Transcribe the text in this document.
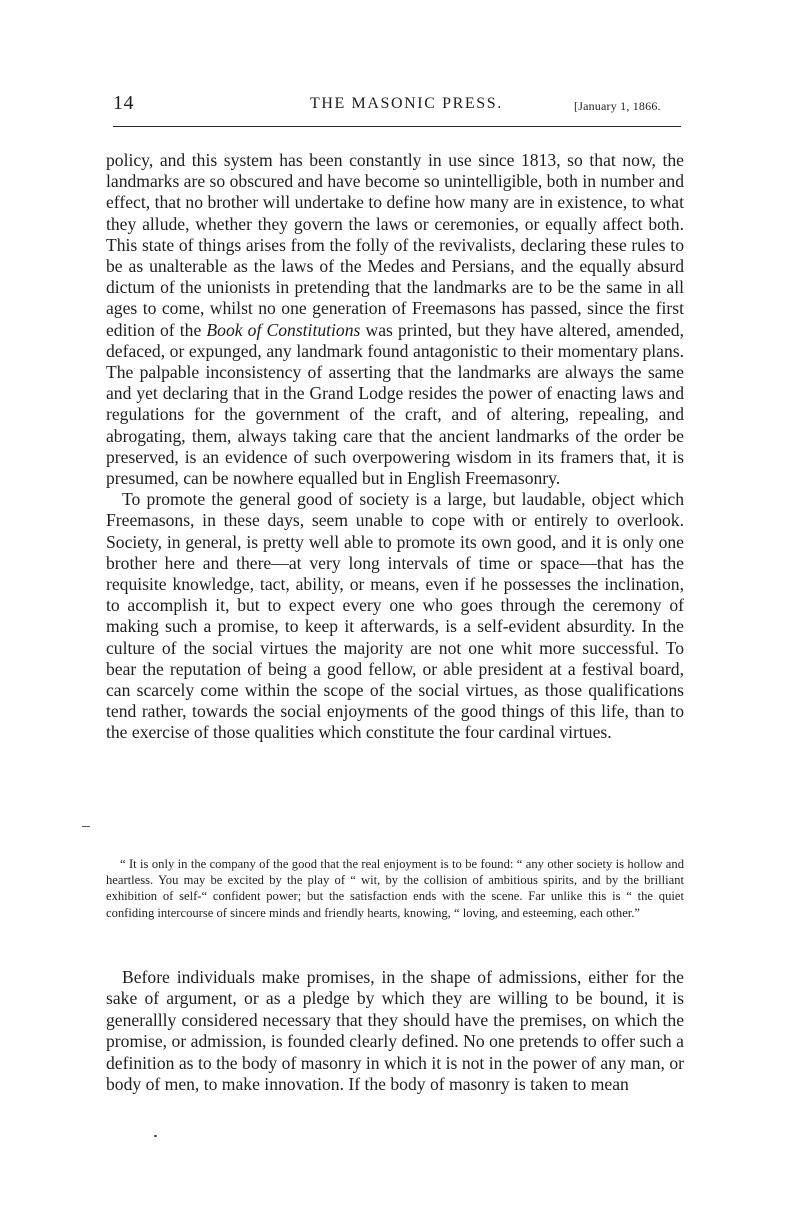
14	THE MASONIC PRESS.	[January 1, 1866.

policy, and this system has been constantly in use since 1813, so that now, the landmarks are so obscured and have become so unintelligible, both in number and effect, that no brother will undertake to define how many are in existence, to what they allude, whether they govern the laws or ceremonies, or equally affect both. This state of things arises from the folly of the revivalists, declaring these rules to be as unalterable as the laws of the Medes and Persians, and the equally absurd dictum of the unionists in pretending that the landmarks are to be the same in all ages to come, whilst no one generation of Freemasons has passed, since the first edition of the Book of Constitutions was printed, but they have altered, amended, defaced, or expunged, any landmark found antagonistic to their momentary plans. The palpable inconsistency of asserting that the landmarks are always the same and yet declaring that in the Grand Lodge resides the power of enacting laws and regulations for the government of the craft, and of altering, repealing, and abrogating, them, always taking care that the ancient landmarks of the order be preserved, is an evidence of such overpowering wisdom in its framers that, it is presumed, can be nowhere equalled but in English Freemasonry.

To promote the general good of society is a large, but laudable, object which Freemasons, in these days, seem unable to cope with or entirely to overlook. Society, in general, is pretty well able to promote its own good, and it is only one brother here and there—at very long intervals of time or space—that has the requisite knowledge, tact, ability, or means, even if he possesses the inclination, to accomplish it, but to expect every one who goes through the ceremony of making such a promise, to keep it afterwards, is a self-evident absurdity. In the culture of the social virtues the majority are not one whit more successful. To bear the reputation of being a good fellow, or able president at a festival board, can scarcely come within the scope of the social virtues, as those qualifications tend rather, towards the social enjoyments of the good things of this life, than to the exercise of those qualities which constitute the four cardinal virtues.

“ It is only in the company of the good that the real enjoyment is to be found: “ any other society is hollow and heartless. You may be excited by the play of “ wit, by the collision of ambitious spirits, and by the brilliant exhibition of self-“ confident power; but the satisfaction ends with the scene. Far unlike this is “ the quiet confiding intercourse of sincere minds and friendly hearts, knowing, “ loving, and esteeming, each other.”

Before individuals make promises, in the shape of admissions, either for the sake of argument, or as a pledge by which they are willing to be bound, it is generallly considered necessary that they should have the premises, on which the promise, or admission, is founded clearly defined. No one pretends to offer such a definition as to the body of masonry in which it is not in the power of any man, or body of men, to make innovation. If the body of masonry is taken to mean
